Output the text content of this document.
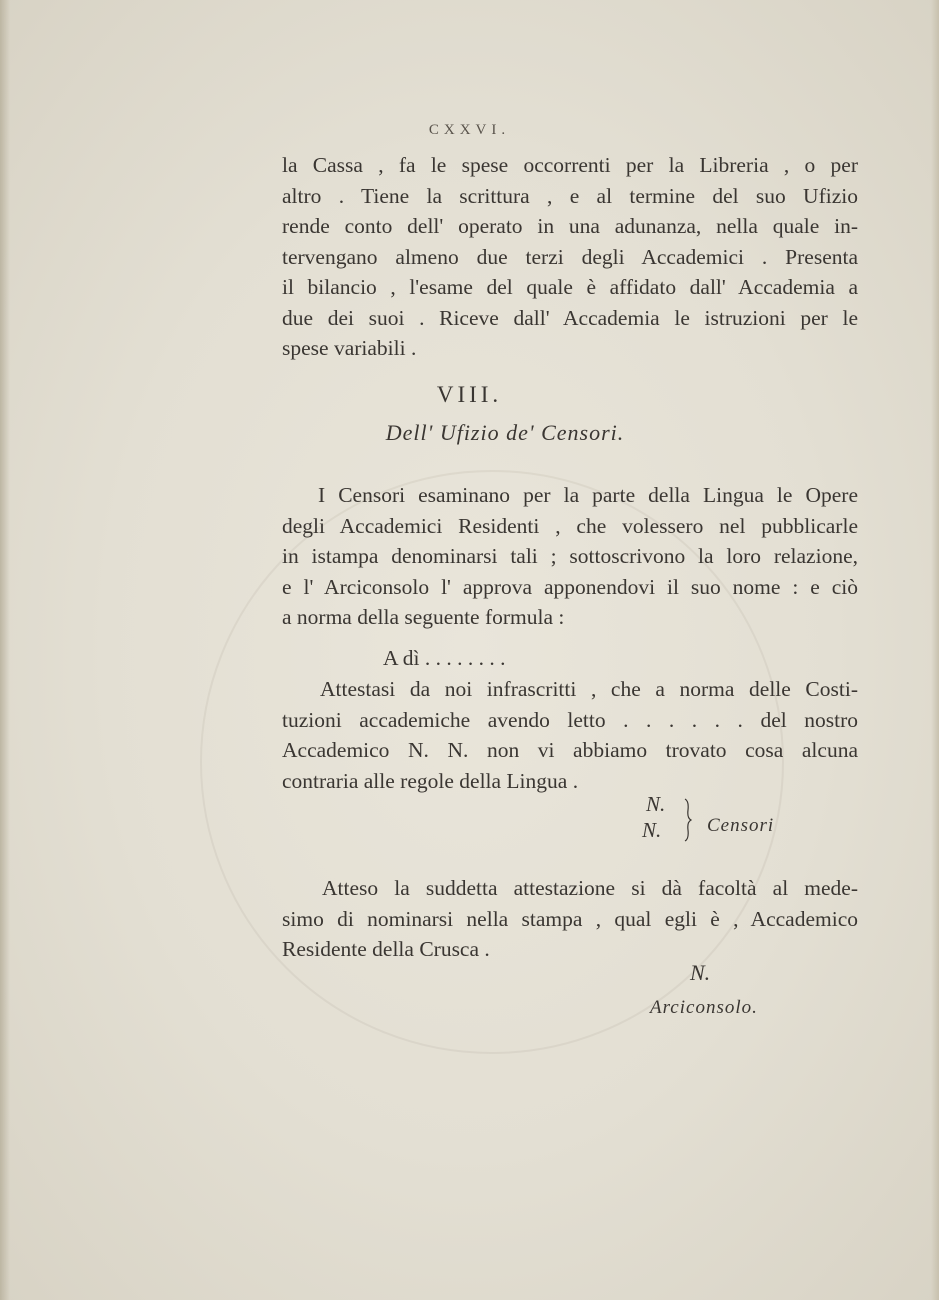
CXXVI.
la Cassa , fa le spese occorrenti per la Libreria , o per
altro . Tiene la scrittura , e al termine del suo Ufizio
rende conto dell' operato in una adunanza, nella quale in-
tervengano almeno due terzi degli Accademici . Presenta
il bilancio , l'esame del quale è affidato dall' Accademia a
due dei suoi . Riceve dall' Accademia le istruzioni per le
spese variabili .
VIII.
Dell' Ufizio de' Censori.
I Censori esaminano per la parte della Lingua le Opere
degli Accademici Residenti , che volessero nel pubblicarle
in istampa denominarsi tali ; sottoscrivono la loro relazione,
e l' Arciconsolo l' approva apponendovi il suo nome : e ciò
a norma della seguente formula :
A dì . . . . . . . .
Attestasi da noi infrascritti , che a norma delle Costi-
tuzioni accademiche avendo letto . . . . . . del nostro
Accademico N. N. non vi abbiamo trovato cosa alcuna
contraria alle regole della Lingua .
N.
N. Censori
Atteso la suddetta attestazione si dà facoltà al mede-
simo di nominarsi nella stampa , qual egli è , Accademico
Residente della Crusca .
N.
Arciconsolo.
